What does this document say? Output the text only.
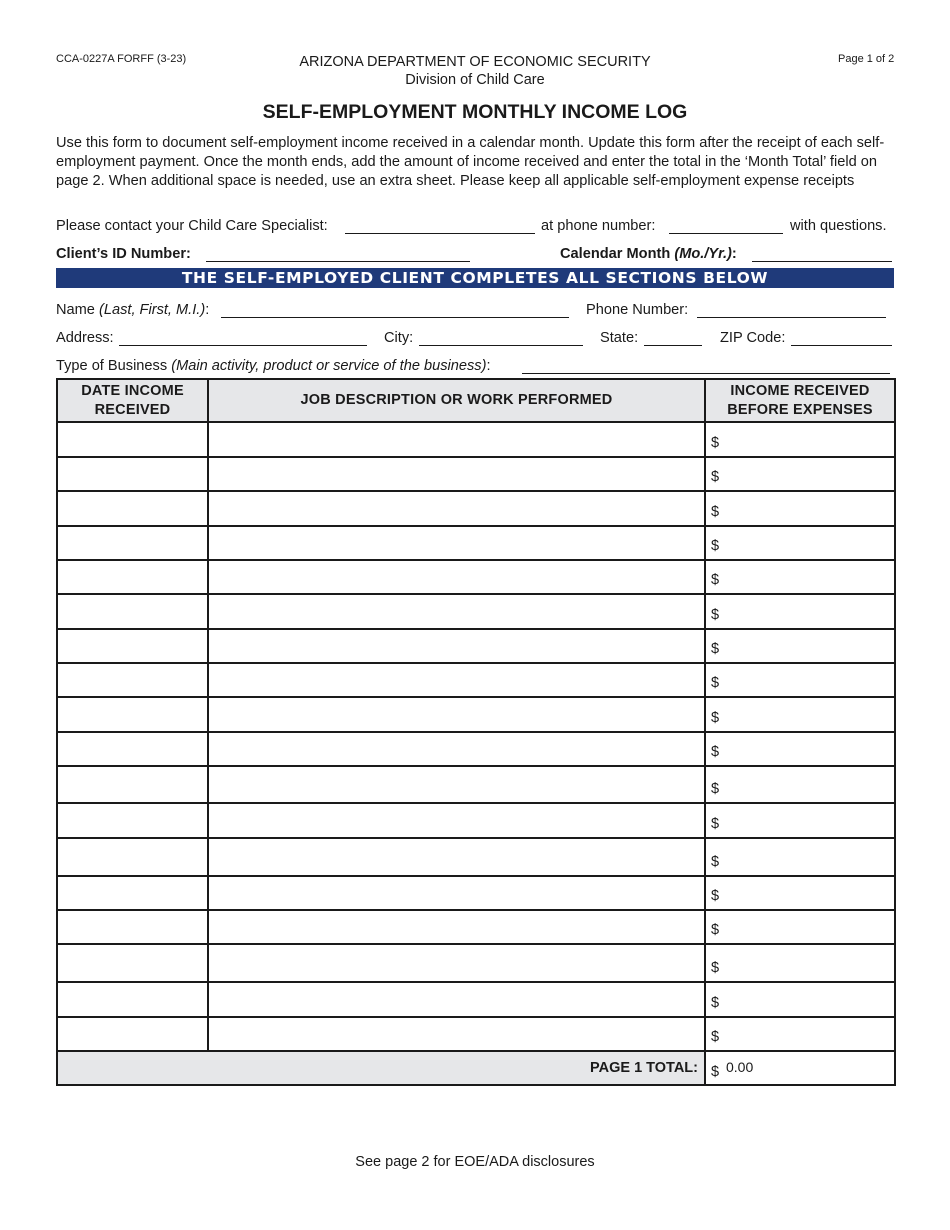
CCA-0227A FORFF (3-23)	ARIZONA DEPARTMENT OF ECONOMIC SECURITY
Division of Child Care
Page 1 of 2
SELF-EMPLOYMENT MONTHLY INCOME LOG
Use this form to document self-employment income received in a calendar month. Update this form after the receipt of each self-employment payment. Once the month ends, add the amount of income received and enter the total in the ‘Month Total’ field on page 2. When additional space is needed, use an extra sheet. Please keep all applicable self-employment expense receipts
Please contact your Child Care Specialist:	at phone number:	with questions.
Client’s ID Number:	Calendar Month (Mo./Yr.):
THE SELF-EMPLOYED CLIENT COMPLETES ALL SECTIONS BELOW
Name (Last, First, M.I.):	Phone Number:
Address:	City:	State:	ZIP Code:
Type of Business (Main activity, product or service of the business):
DATE INCOME
RECEIVED	JOB DESCRIPTION OR WORK PERFORMED	INCOME RECEIVED
BEFORE EXPENSES

		$

		$

		$

		$

		$

		$

		$

		$

		$

		$

		$

		$

		$

		$

		$

		$

		$

		$

PAGE 1 TOTAL:		$ 0.00
See page 2 for EOE/ADA disclosures
